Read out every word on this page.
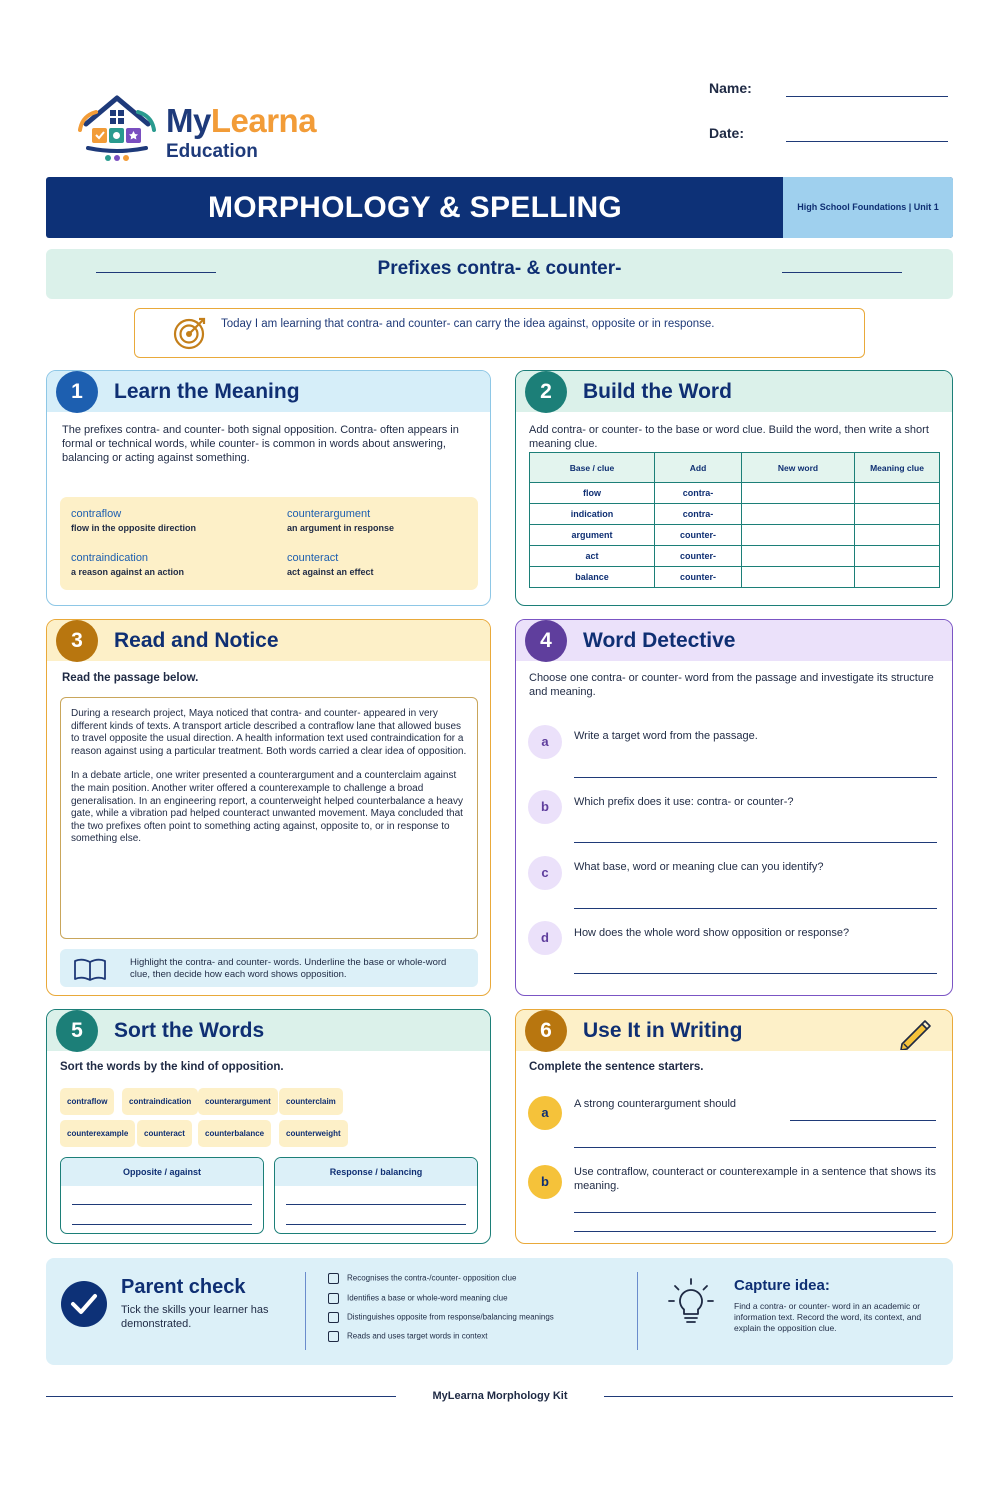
MyLearna
Education
Name:
Date:
MORPHOLOGY & SPELLING	High School Foundations | Unit 1
Prefixes contra- & counter-
Today I am learning that contra- and counter- can carry the idea against, opposite or in response.
1	Learn the Meaning
The prefixes contra- and counter- both signal opposition. Contra- often appears in formal or technical words, while counter- is common in words about answering, balancing or acting against something.
contraflow
flow in the opposite direction
counterargument
an argument in response
contraindication
a reason against an action
counteract
act against an effect
2	Build the Word
Add contra- or counter- to the base or word clue. Build the word, then write a short meaning clue.
Base / clue	Add	New word	Meaning clue
flow	contra-		
indication	contra-		
argument	counter-		
act	counter-		
balance	counter-		
3	Read and Notice
Read the passage below.

During a research project, Maya noticed that contra- and counter- appeared in very different kinds of texts. A transport article described a contraflow lane that allowed buses to travel opposite the usual direction. A health information text used contraindication for a reason against using a particular treatment. Both words carried a clear idea of opposition.

In a debate article, one writer presented a counterargument and a counterclaim against the main position. Another writer offered a counterexample to challenge a broad generalisation. In an engineering report, a counterweight helped counterbalance a heavy gate, while a vibration pad helped counteract unwanted movement. Maya concluded that the two prefixes often point to something acting against, opposite to, or in response to something else.

Highlight the contra- and counter- words. Underline the base or whole-word clue, then decide how each word shows opposition.
4	Word Detective
Choose one contra- or counter- word from the passage and investigate its structure and meaning.
a	Write a target word from the passage.
b	Which prefix does it use: contra- or counter-?
c	What base, word or meaning clue can you identify?
d	How does the whole word show opposition or response?
5	Sort the Words
Sort the words by the kind of opposition.
contraflow	contraindication	counterargument	counterclaim
counterexample	counteract	counterbalance	counterweight
Opposite / against	Response / balancing
6	Use It in Writing
Complete the sentence starters.
a
A strong counterargument should
b
Use contraflow, counteract or counterexample in a sentence that shows its meaning.
Parent check
Tick the skills your learner has demonstrated.
Recognises the contra-/counter- opposition clue
Identifies a base or whole-word meaning clue
Distinguishes opposite from response/balancing meanings
Reads and uses target words in context
Capture idea:
Find a contra- or counter- word in an academic or information text. Record the word, its context, and explain the opposition clue.
MyLearna Morphology Kit
